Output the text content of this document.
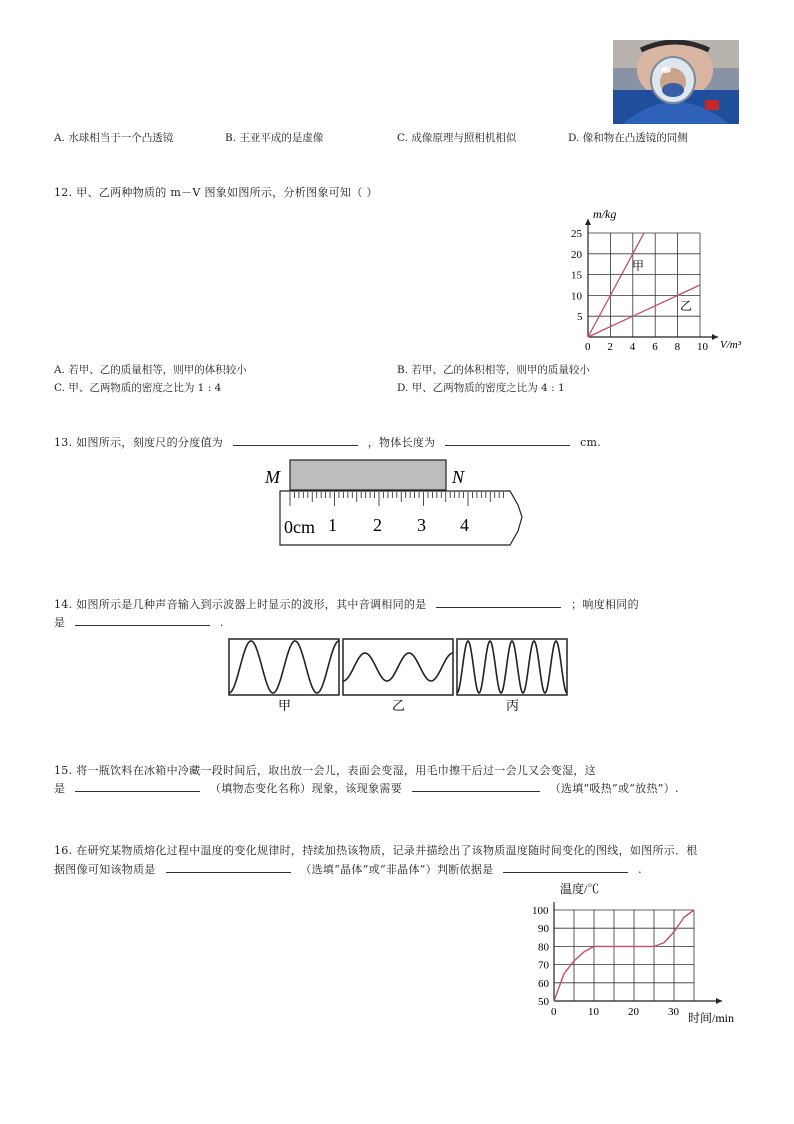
A. 水球相当于一个凸透镜	B. 王亚平成的是虚像	C. 成像原理与照相机相似	D. 像和物在凸透镜的同侧
12. 甲、乙两种物质的 m－V 图象如图所示，分析图象可知（ ）
0 2 4 6 8 10
5
10
15
20
25
m/kg
V/m³
甲
乙
A. 若甲、乙的质量相等，则甲的体积较小	B. 若甲、乙的体积相等，则甲的质量较小
C. 甲、乙两物质的密度之比为 1 : 4	D. 甲、乙两物质的密度之比为 4 : 1
13. 如图所示，刻度尺的分度值为	，物体长度为	cm.
M	N
0cm 1 2 3 4
14. 如图所示是几种声音输入到示波器上时显示的波形，其中音调相同的是	；响度相同的
是	.
甲	乙	丙
15. 将一瓶饮料在冰箱中冷藏一段时间后，取出放一会儿，表面会变湿，用毛巾擦干后过一会儿又会变湿，这
是	（填物态变化名称）现象，该现象需要	（选填“吸热”或“放热”）.
16. 在研究某物质熔化过程中温度的变化规律时，持续加热该物质，记录并描绘出了该物质温度随时间变化的图线，如图所示．根
据图像可知该物质是	（选填“晶体”或“非晶体”）判断依据是	.
0	10	20	30
50
60
70
80
90
100
温度/℃
时间/min
